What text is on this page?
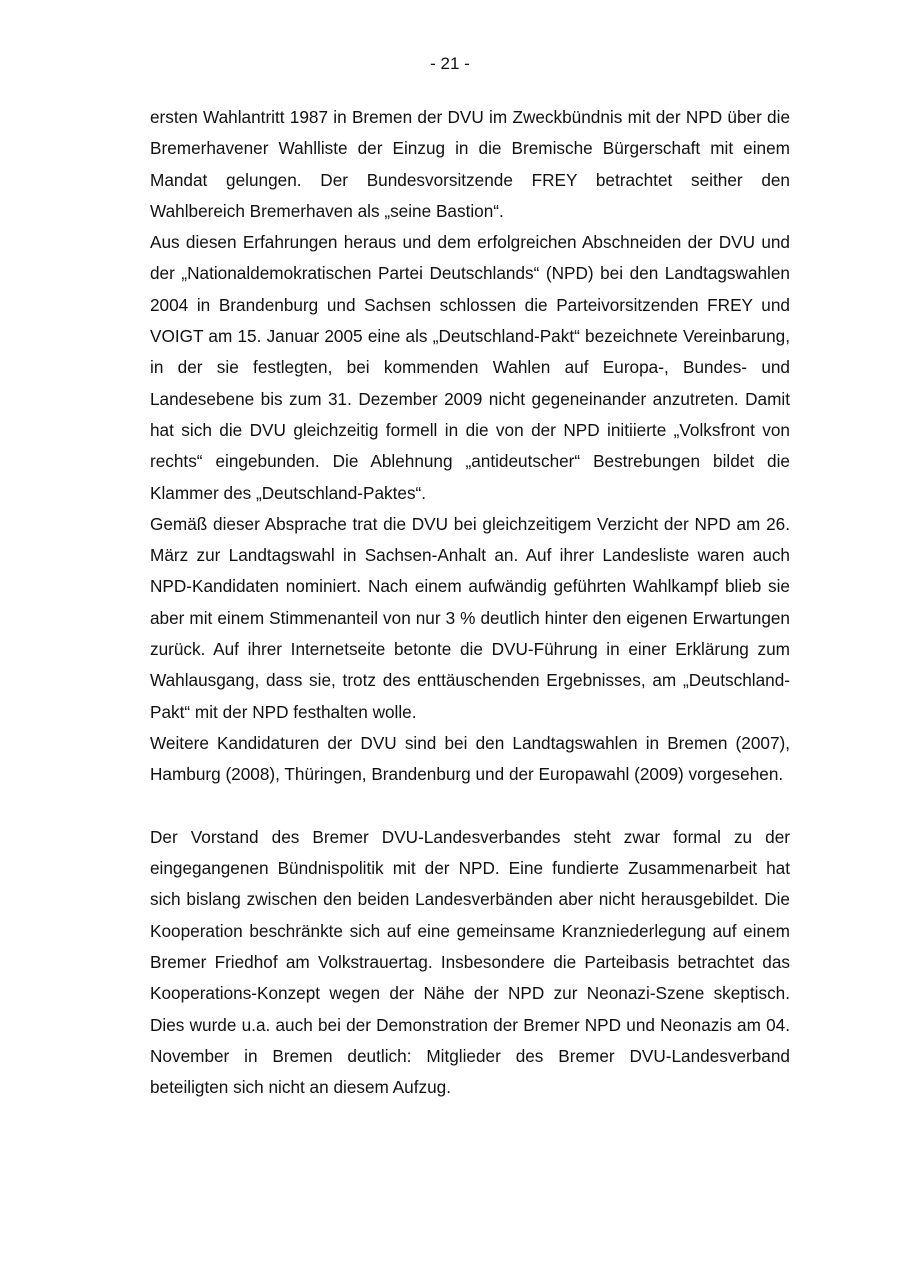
- 21 -

ersten Wahlantritt 1987 in Bremen der DVU im Zweckbündnis mit der NPD über die Bremerhavener Wahlliste der Einzug in die Bremische Bürgerschaft mit einem Mandat gelungen. Der Bundesvorsitzende FREY betrachtet seither den Wahlbereich Bremerhaven als „seine Bastion“.

Aus diesen Erfahrungen heraus und dem erfolgreichen Abschneiden der DVU und der „Nationaldemokratischen Partei Deutschlands“ (NPD) bei den Landtagswahlen 2004 in Brandenburg und Sachsen schlossen die Parteivorsitzenden FREY und VOIGT am 15. Januar 2005 eine als „Deutschland-Pakt“ bezeichnete Vereinbarung, in der sie festlegten, bei kommenden Wahlen auf Europa-, Bundes- und Landesebene bis zum 31. Dezember 2009 nicht gegeneinander anzutreten. Damit hat sich die DVU gleichzeitig formell in die von der NPD initiierte „Volksfront von rechts“ eingebunden. Die Ablehnung „antideutscher“ Bestrebungen bildet die Klammer des „Deutschland-Paktes“.

Gemäß dieser Absprache trat die DVU bei gleichzeitigem Verzicht der NPD am 26. März zur Landtagswahl in Sachsen-Anhalt an. Auf ihrer Landesliste waren auch NPD-Kandidaten nominiert. Nach einem aufwändig geführten Wahlkampf blieb sie aber mit einem Stimmenanteil von nur 3 % deutlich hinter den eigenen Erwartungen zurück. Auf ihrer Internetseite betonte die DVU-Führung in einer Erklärung zum Wahlausgang, dass sie, trotz des enttäuschenden Ergebnisses, am „Deutschland-Pakt“ mit der NPD festhalten wolle.

Weitere Kandidaturen der DVU sind bei den Landtagswahlen in Bremen (2007), Hamburg (2008), Thüringen, Brandenburg und der Europawahl (2009) vorgesehen.

Der Vorstand des Bremer DVU-Landesverbandes steht zwar formal zu der eingegangenen Bündnispolitik mit der NPD. Eine fundierte Zusammenarbeit hat sich bislang zwischen den beiden Landesverbänden aber nicht herausgebildet. Die Kooperation beschränkte sich auf eine gemeinsame Kranzniederlegung auf einem Bremer Friedhof am Volkstrauertag. Insbesondere die Parteibasis betrachtet das Kooperations-Konzept wegen der Nähe der NPD zur Neonazi-Szene skeptisch. Dies wurde u.a. auch bei der Demonstration der Bremer NPD und Neonazis am 04. November in Bremen deutlich: Mitglieder des Bremer DVU-Landesverband beteiligten sich nicht an diesem Aufzug.
